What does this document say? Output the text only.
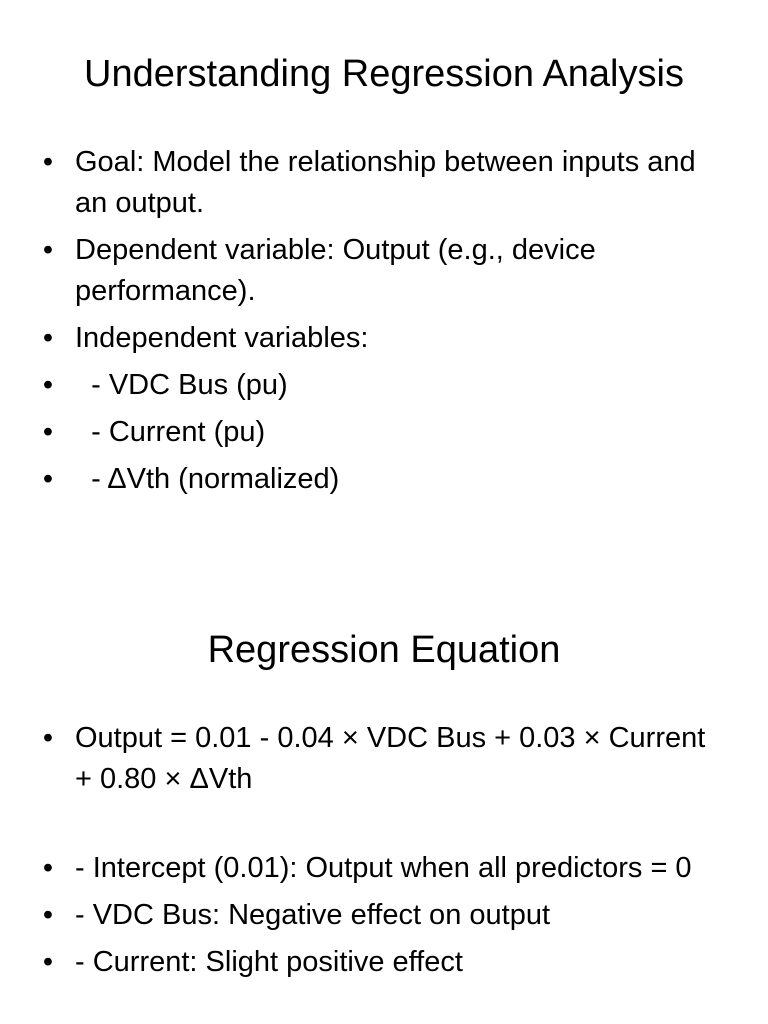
Understanding Regression Analysis
• Goal: Model the relationship between inputs and an output.
• Dependent variable: Output (e.g., device performance).
• Independent variables:
• - VDC Bus (pu)
• - Current (pu)
• - ΔVth (normalized)
Regression Equation
• Output = 0.01 - 0.04 × VDC Bus + 0.03 × Current + 0.80 × ΔVth
• - Intercept (0.01): Output when all predictors = 0
• - VDC Bus: Negative effect on output
• - Current: Slight positive effect
